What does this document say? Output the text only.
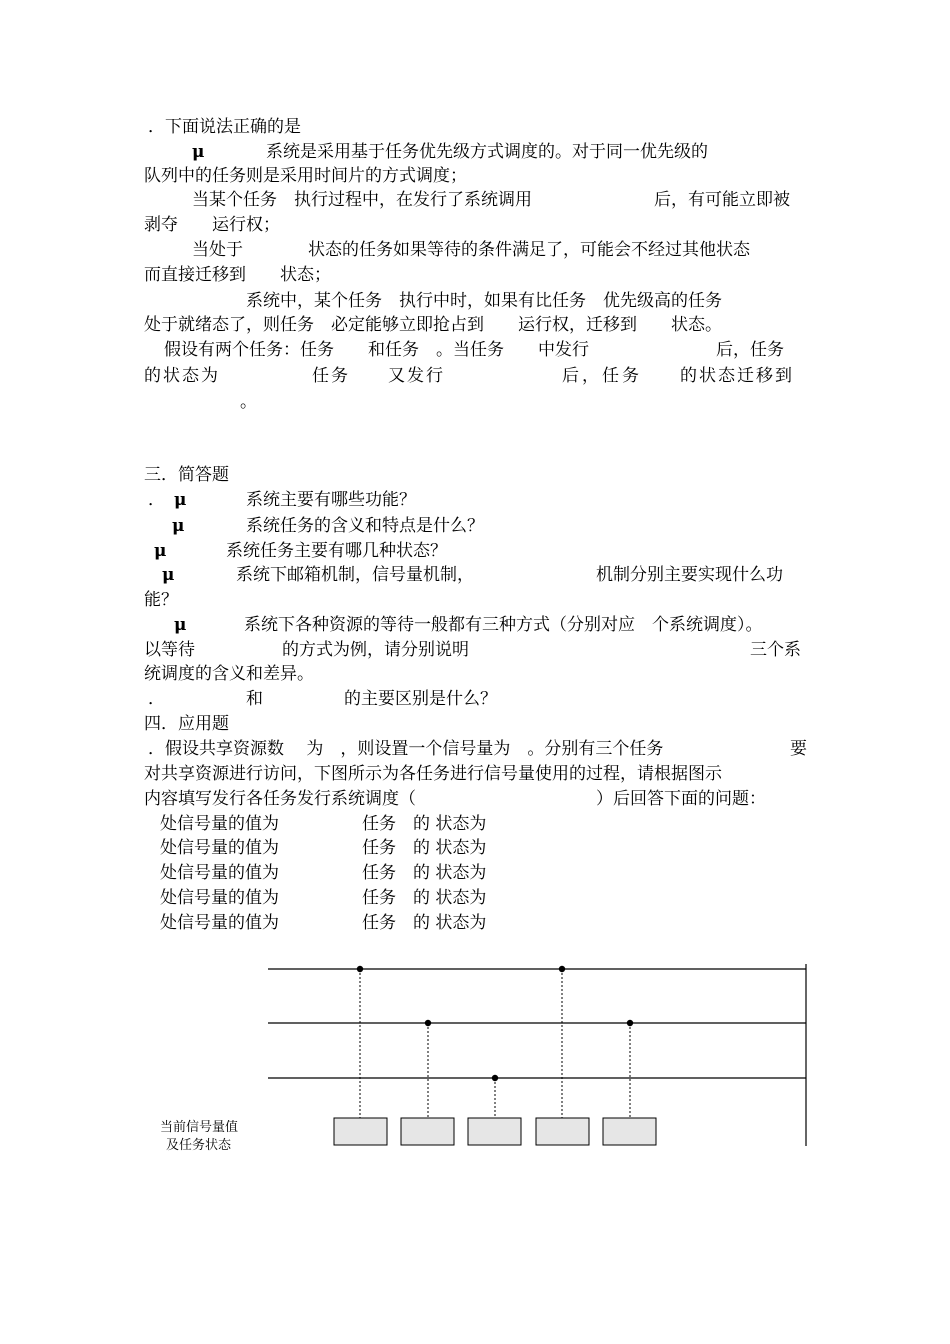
．下面说法正确的是
μ	系统是采用基于任务优先级方式调度的。对于同一优先级的
队列中的任务则是采用时间片的方式调度；
当某个任务　执行过程中，在发行了系统调用	后，有可能立即被
剥夺　　运行权；
当处于	状态的任务如果等待的条件满足了，可能会不经过其他状态
而直接迁移到　　状态；
系统中，某个任务　执行中时，如果有比任务　优先级高的任务
处于就绪态了，则任务　必定能够立即抢占到　　运行权，迁移到　　状态。
假设有两个任务：任务　　和任务　。当任务　　中发行	后，任务
的状态为	任务 又发行	后，任务 的状态迁移到
。
三．简答题
． μ	系统主要有哪些功能？
μ	系统任务的含义和特点是什么？
μ	系统任务主要有哪几种状态？
μ	系统下邮箱机制，信号量机制，	机制分别主要实现什么功
能？
μ	系统下各种资源的等待一般都有三种方式（分别对应　个系统调度）。
以等待	的方式为例，请分别说明	三个系
统调度的含义和差异。
．	和	的主要区别是什么？
四．应用题
．假设共享资源数　 为　，则设置一个信号量为　。分别有三个任务	要
对共享资源进行访问，下图所示为各任务进行信号量使用的过程，请根据图示
内容填写发行各任务发行系统调度（	）后回答下面的问题：
处信号量的值为	任务　的 状态为
处信号量的值为	任务　的 状态为
处信号量的值为	任务　的 状态为
处信号量的值为	任务　的 状态为
处信号量的值为	任务　的 状态为
当前信号量值
及任务状态
